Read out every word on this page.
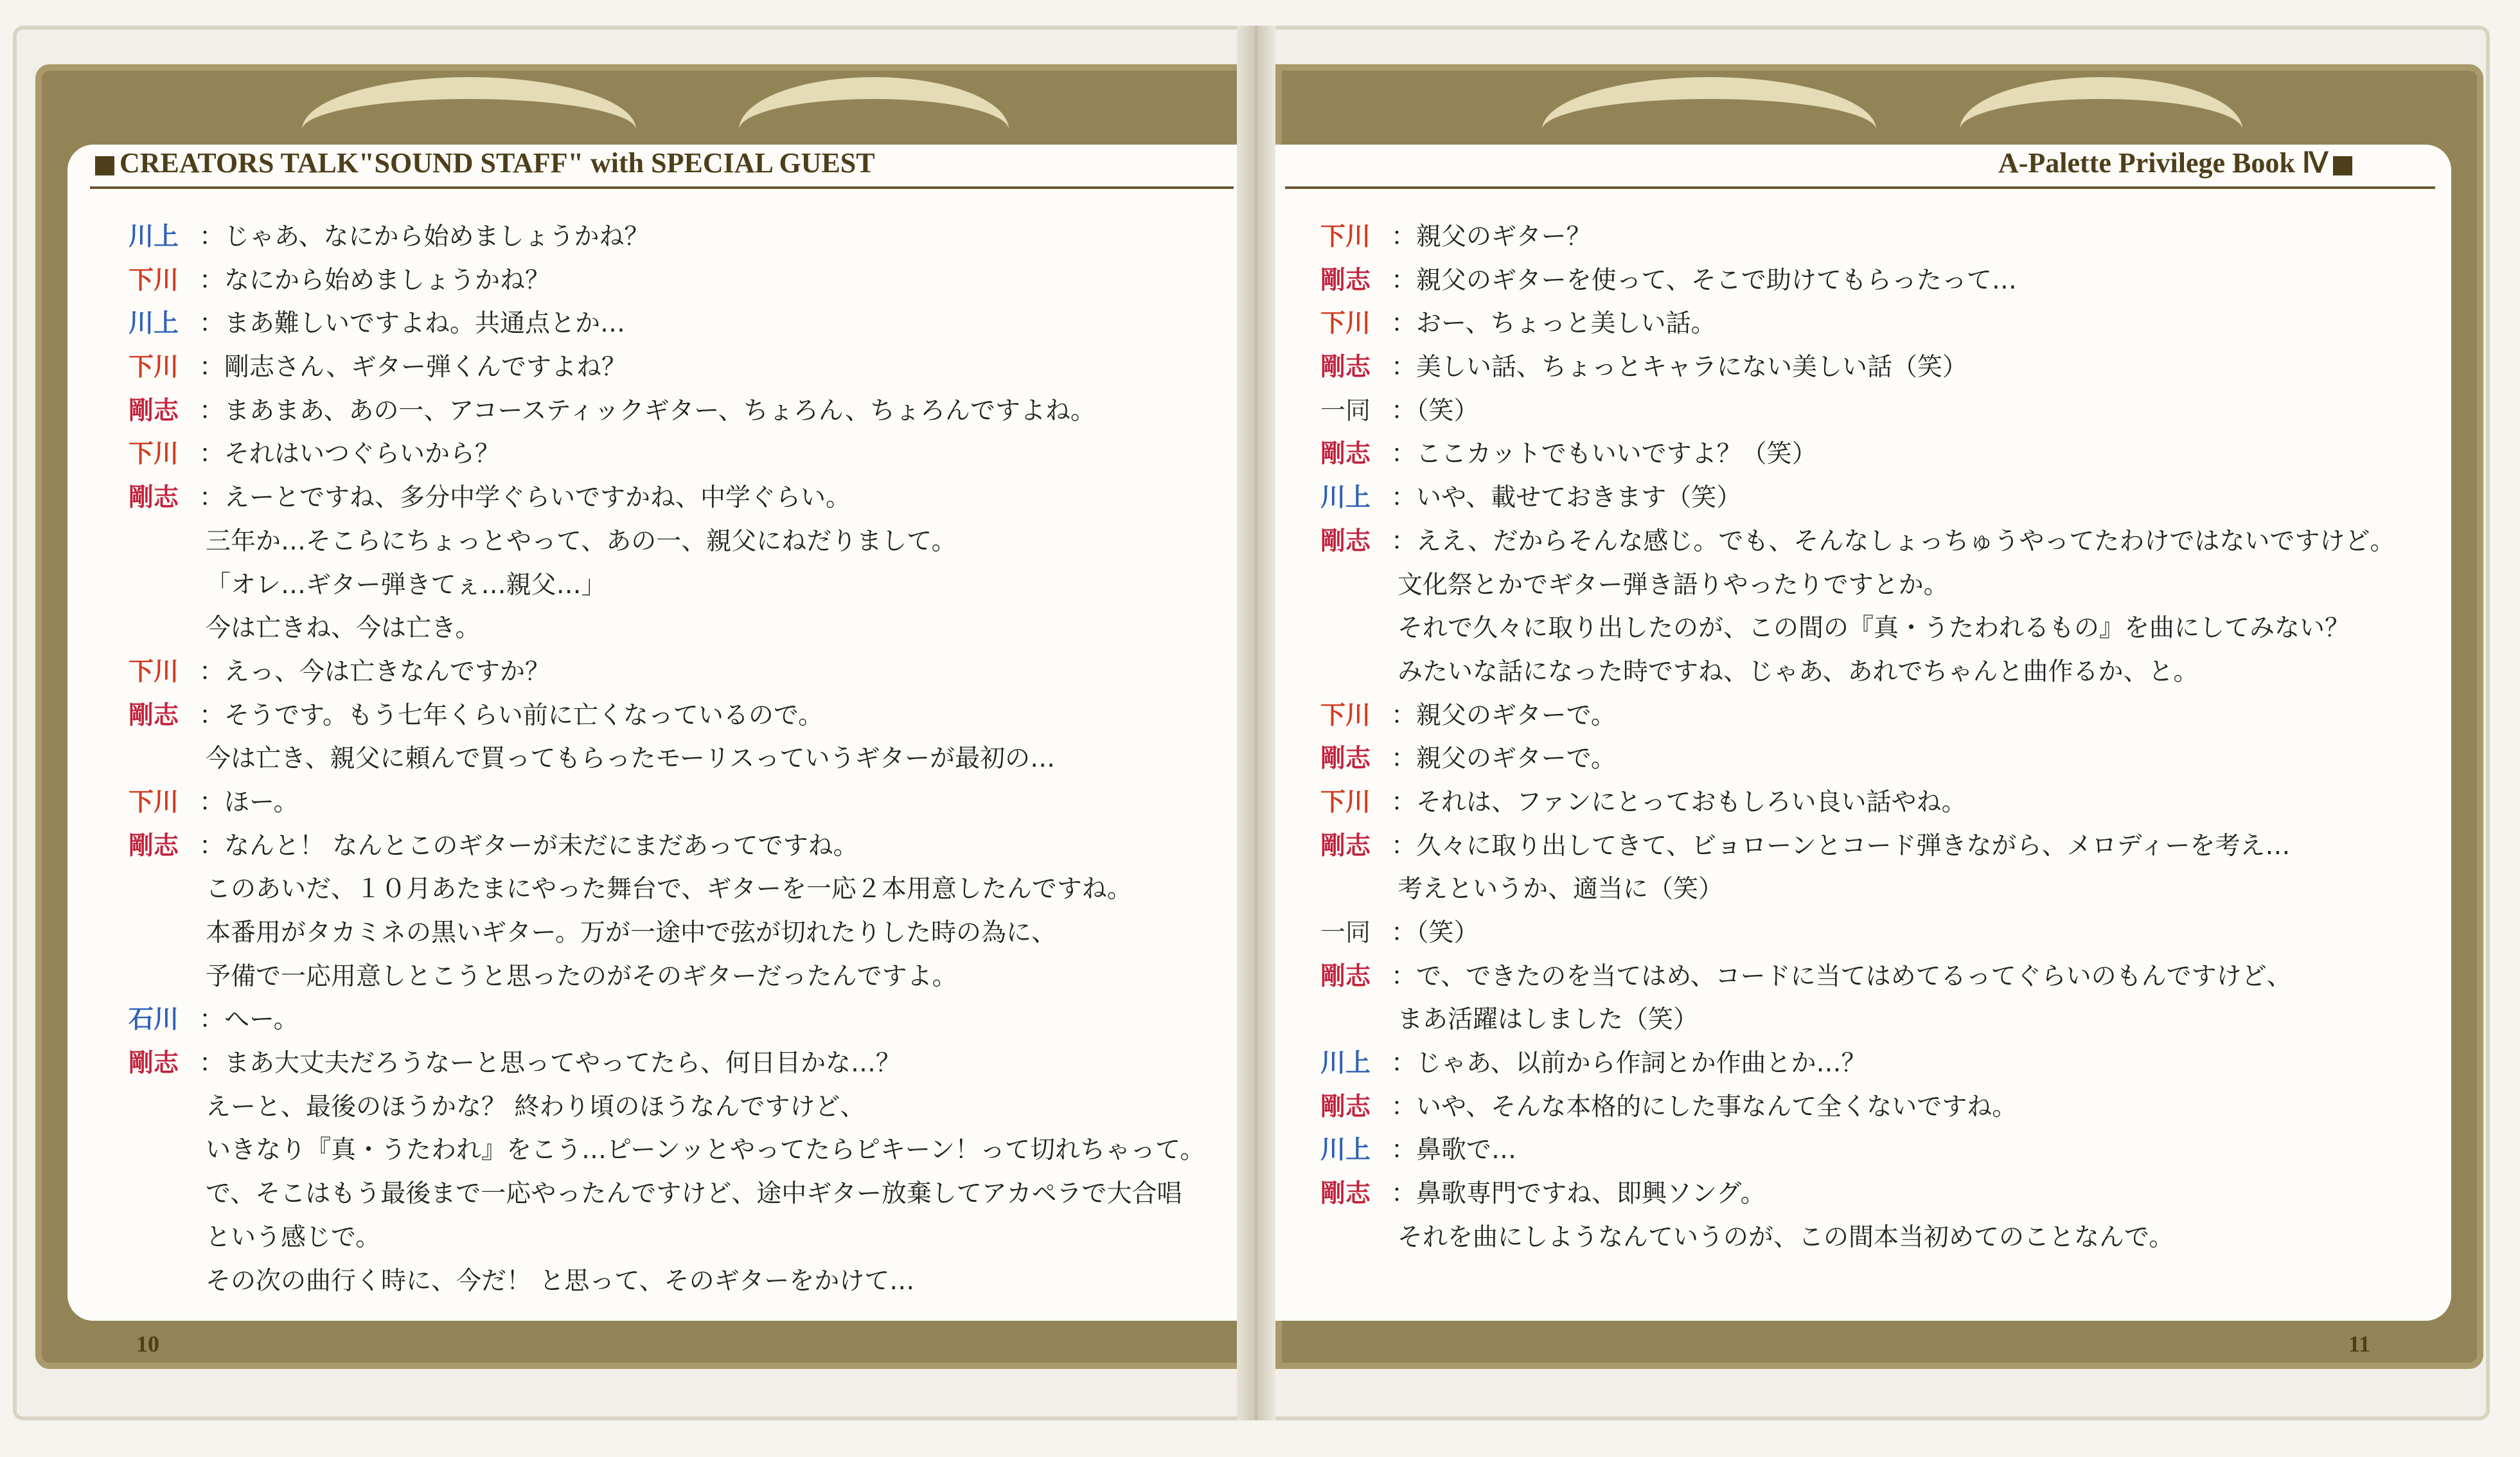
CREATORS TALK"SOUND STAFF" with SPECIAL GUEST	A-Palette Privilege Book Ⅳ
川上 ：じゃあ、なにから始めましょうかね？
下川 ：なにから始めましょうかね？
川上 ：まあ難しいですよね。共通点とか…
下川 ：剛志さん、ギター弾くんですよね？
剛志 ：まあまあ、あの一、アコースティックギター、ちょろん、ちょろんですよね。
下川 ：それはいつぐらいから？
剛志 ：えーとですね、多分中学ぐらいですかね、中学ぐらい。
三年か…そこらにちょっとやって、あの一、親父にねだりまして。
「オレ…ギター弾きてぇ…親父…」
今は亡きね、今は亡き。
下川 ：えっ、今は亡きなんですか？
剛志 ：そうです。もう七年くらい前に亡くなっているので。
今は亡き、親父に頼んで買ってもらったモーリスっていうギターが最初の…
下川 ：ほー。
剛志 ：なんと！ なんとこのギターが未だにまだあってですね。
このあいだ、１０月あたまにやった舞台で、ギターを一応２本用意したんですね。
本番用がタカミネの黒いギター。万が一途中で弦が切れたりした時の為に、
予備で一応用意しとこうと思ったのがそのギターだったんですよ。
石川 ：へー。
剛志 ：まあ大丈夫だろうなーと思ってやってたら、何日目かな…？
えーと、最後のほうかな？ 終わり頃のほうなんですけど、
いきなり『真・うたわれ』をこう…ピーンッとやってたらピキーン！って切れちゃって。
で、そこはもう最後まで一応やったんですけど、途中ギター放棄してアカペラで大合唱
という感じで。
その次の曲行く時に、今だ！ と思って、そのギターをかけて…
下川 ：親父のギター？
剛志 ：親父のギターを使って、そこで助けてもらったって…
下川 ：おー、ちょっと美しい話。
剛志 ：美しい話、ちょっとキャラにない美しい話（笑）
一同 ：（笑）
剛志 ：ここカットでもいいですよ？（笑）
川上 ：いや、載せておきます（笑）
剛志 ：ええ、だからそんな感じ。でも、そんなしょっちゅうやってたわけではないですけど。
文化祭とかでギター弾き語りやったりですとか。
それで久々に取り出したのが、この間の『真・うたわれるもの』を曲にしてみない？
みたいな話になった時ですね、じゃあ、あれでちゃんと曲作るか、と。
下川 ：親父のギターで。
剛志 ：親父のギターで。
下川 ：それは、ファンにとっておもしろい良い話やね。
剛志 ：久々に取り出してきて、ビョローンとコード弾きながら、メロディーを考え…
考えというか、適当に（笑）
一同 ：（笑）
剛志 ：で、できたのを当てはめ、コードに当てはめてるってぐらいのもんですけど、
まあ活躍はしました（笑）
川上 ：じゃあ、以前から作詞とか作曲とか…？
剛志 ：いや、そんな本格的にした事なんて全くないですね。
川上 ：鼻歌で…
剛志 ：鼻歌専門ですね、即興ソング。
それを曲にしようなんていうのが、この間本当初めてのことなんで。
10	11
